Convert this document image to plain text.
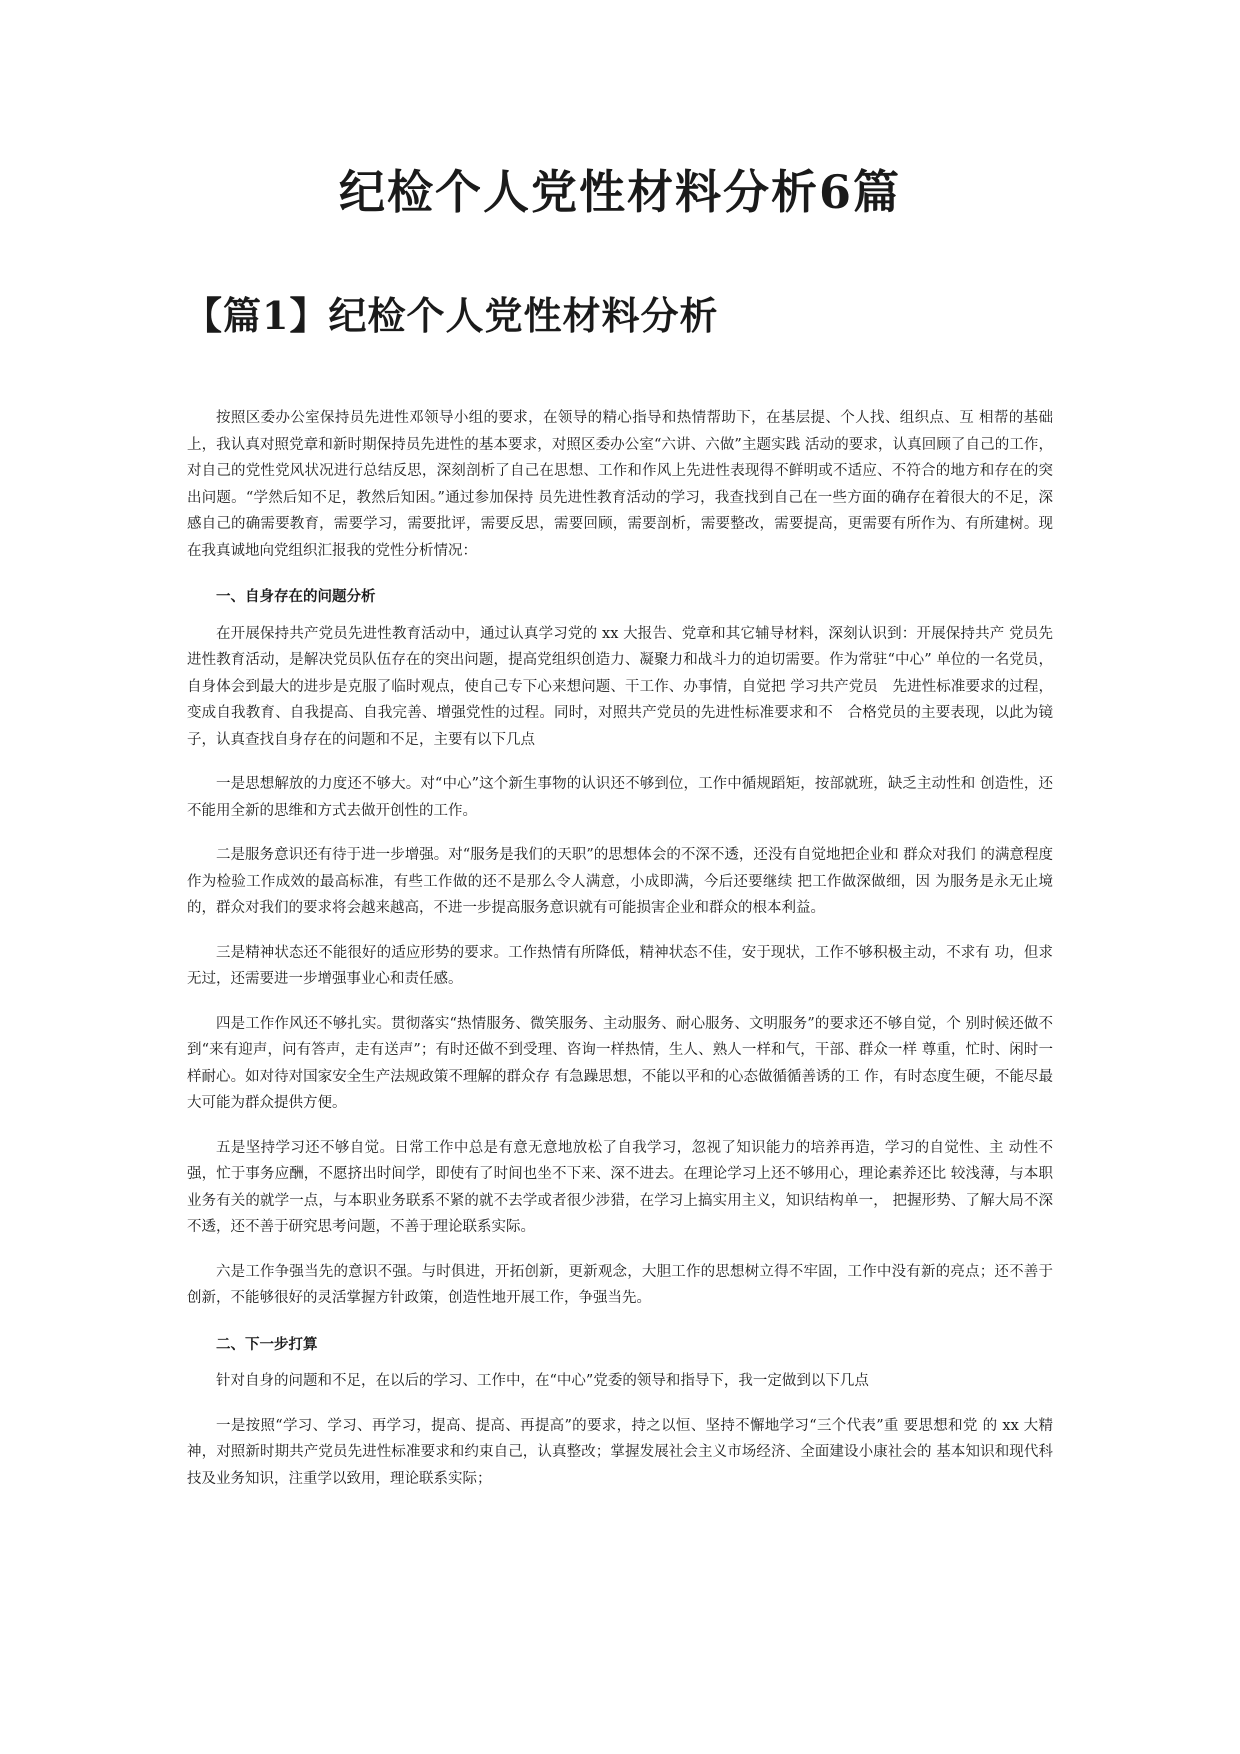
纪检个人党性材料分析6篇
【篇1】纪检个人党性材料分析

按照区委办公室保持员先进性邓领导小组的要求，在领导的精心指导和热情帮助下，在基层提、个人找、组织点、互 相帮的基础上，我认真对照党章和新时期保持员先进性的基本要求，对照区委办公室“六讲、六做”主题实践 活动的要求，认真回顾了自己的工作，对自己的党性党风状况进行总结反思，深刻剖析了自己在思想、工作和作风上先进性表现得不鲜明或不适应、不符合的地方和存在的突出问题。“学然后知不足，教然后知困。”通过参加保持 员先进性教育活动的学习，我查找到自己在一些方面的确存在着很大的不足，深感自己的确需要教育，需要学习，需要批评，需要反思，需要回顾，需要剖析，需要整改，需要提高，更需要有所作为、有所建树。现在我真诚地向党组织汇报我的党性分析情况：

一、自身存在的问题分析

在开展保持共产党员先进性教育活动中，通过认真学习党的 xx 大报告、党章和其它辅导材料，深刻认识到：开展保持共产 党员先进性教育活动，是解决党员队伍存在的突出问题，提高党组织创造力、凝聚力和战斗力的迫切需要。作为常驻“中心” 单位的一名党员，自身体会到最大的进步是克服了临时观点，使自己专下心来想问题、干工作、办事情，自觉把 学习共产党员　先进性标准要求的过程，变成自我教育、自我提高、自我完善、增强党性的过程。同时，对照共产党员的先进性标准要求和不　合格党员的主要表现，以此为镜子，认真查找自身存在的问题和不足，主要有以下几点

一是思想解放的力度还不够大。对“中心”这个新生事物的认识还不够到位，工作中循规蹈矩，按部就班，缺乏主动性和 创造性，还不能用全新的思维和方式去做开创性的工作。

二是服务意识还有待于进一步增强。对“服务是我们的天职”的思想体会的不深不透，还没有自觉地把企业和 群众对我们 的满意程度作为检验工作成效的最高标准，有些工作做的还不是那么令人满意，小成即满，今后还要继续 把工作做深做细，因 为服务是永无止境的，群众对我们的要求将会越来越高，不进一步提高服务意识就有可能损害企业和群众的根本利益。

三是精神状态还不能很好的适应形势的要求。工作热情有所降低，精神状态不佳，安于现状，工作不够积极主动，不求有 功，但求无过，还需要进一步增强事业心和责任感。

四是工作作风还不够扎实。贯彻落实“热情服务、微笑服务、主动服务、耐心服务、文明服务”的要求还不够自觉，个 别时候还做不到“来有迎声，问有答声，走有送声”；有时还做不到受理、咨询一样热情，生人、熟人一样和气，干部、群众一样 尊重，忙时、闲时一样耐心。如对待对国家安全生产法规政策不理解的群众存 有急躁思想，不能以平和的心态做循循善诱的工 作，有时态度生硬，不能尽最大可能为群众提供方便。

五是坚持学习还不够自觉。日常工作中总是有意无意地放松了自我学习，忽视了知识能力的培养再造，学习的自觉性、主 动性不强，忙于事务应酬，不愿挤出时间学，即使有了时间也坐不下来、深不进去。在理论学习上还不够用心，理论素养还比 较浅薄，与本职业务有关的就学一点，与本职业务联系不紧的就不去学或者很少涉猎，在学习上搞实用主义，知识结构单一， 把握形势、了解大局不深不透，还不善于研究思考问题，不善于理论联系实际。

六是工作争强当先的意识不强。与时俱进，开拓创新，更新观念，大胆工作的思想树立得不牢固，工作中没有新的亮点；还不善于创新，不能够很好的灵活掌握方针政策，创造性地开展工作，争强当先。

二、下一步打算

针对自身的问题和不足，在以后的学习、工作中，在“中心”党委的领导和指导下，我一定做到以下几点

一是按照“学习、学习、再学习，提高、提高、再提高”的要求，持之以恒、坚持不懈地学习“三个代表”重 要思想和党 的 xx 大精神，对照新时期共产党员先进性标准要求和约束自己，认真整改；掌握发展社会主义市场经济、全面建设小康社会的 基本知识和现代科技及业务知识，注重学以致用，理论联系实际；
